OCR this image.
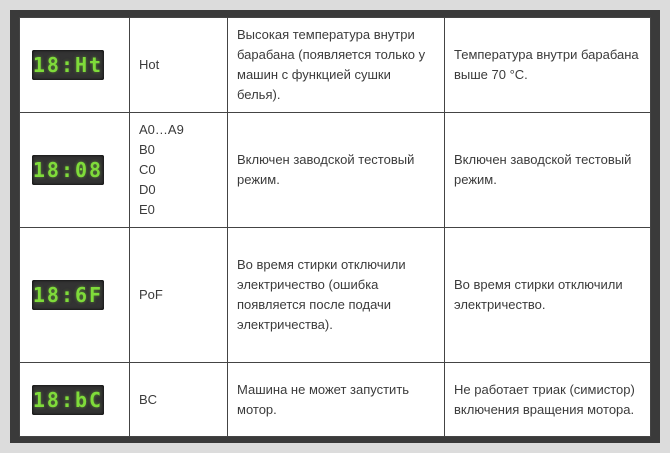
18:Ht	Hot	Высокая температура внутри барабана (появляется только у машин с функцией сушки белья).	Температура внутри барабана выше 70 °C.

18:08	A0…A9
B0
C0
D0
E0	Включен заводской тестовый режим.	Включен заводской тестовый режим.

18:6F	PoF	Во время стирки отключили электричество (ошибка появляется после подачи электричества).	Во время стирки отключили электричество.

18:bC	BC	Машина не может запустить мотор.	Не работает триак (симистор) включения вращения мотора.
